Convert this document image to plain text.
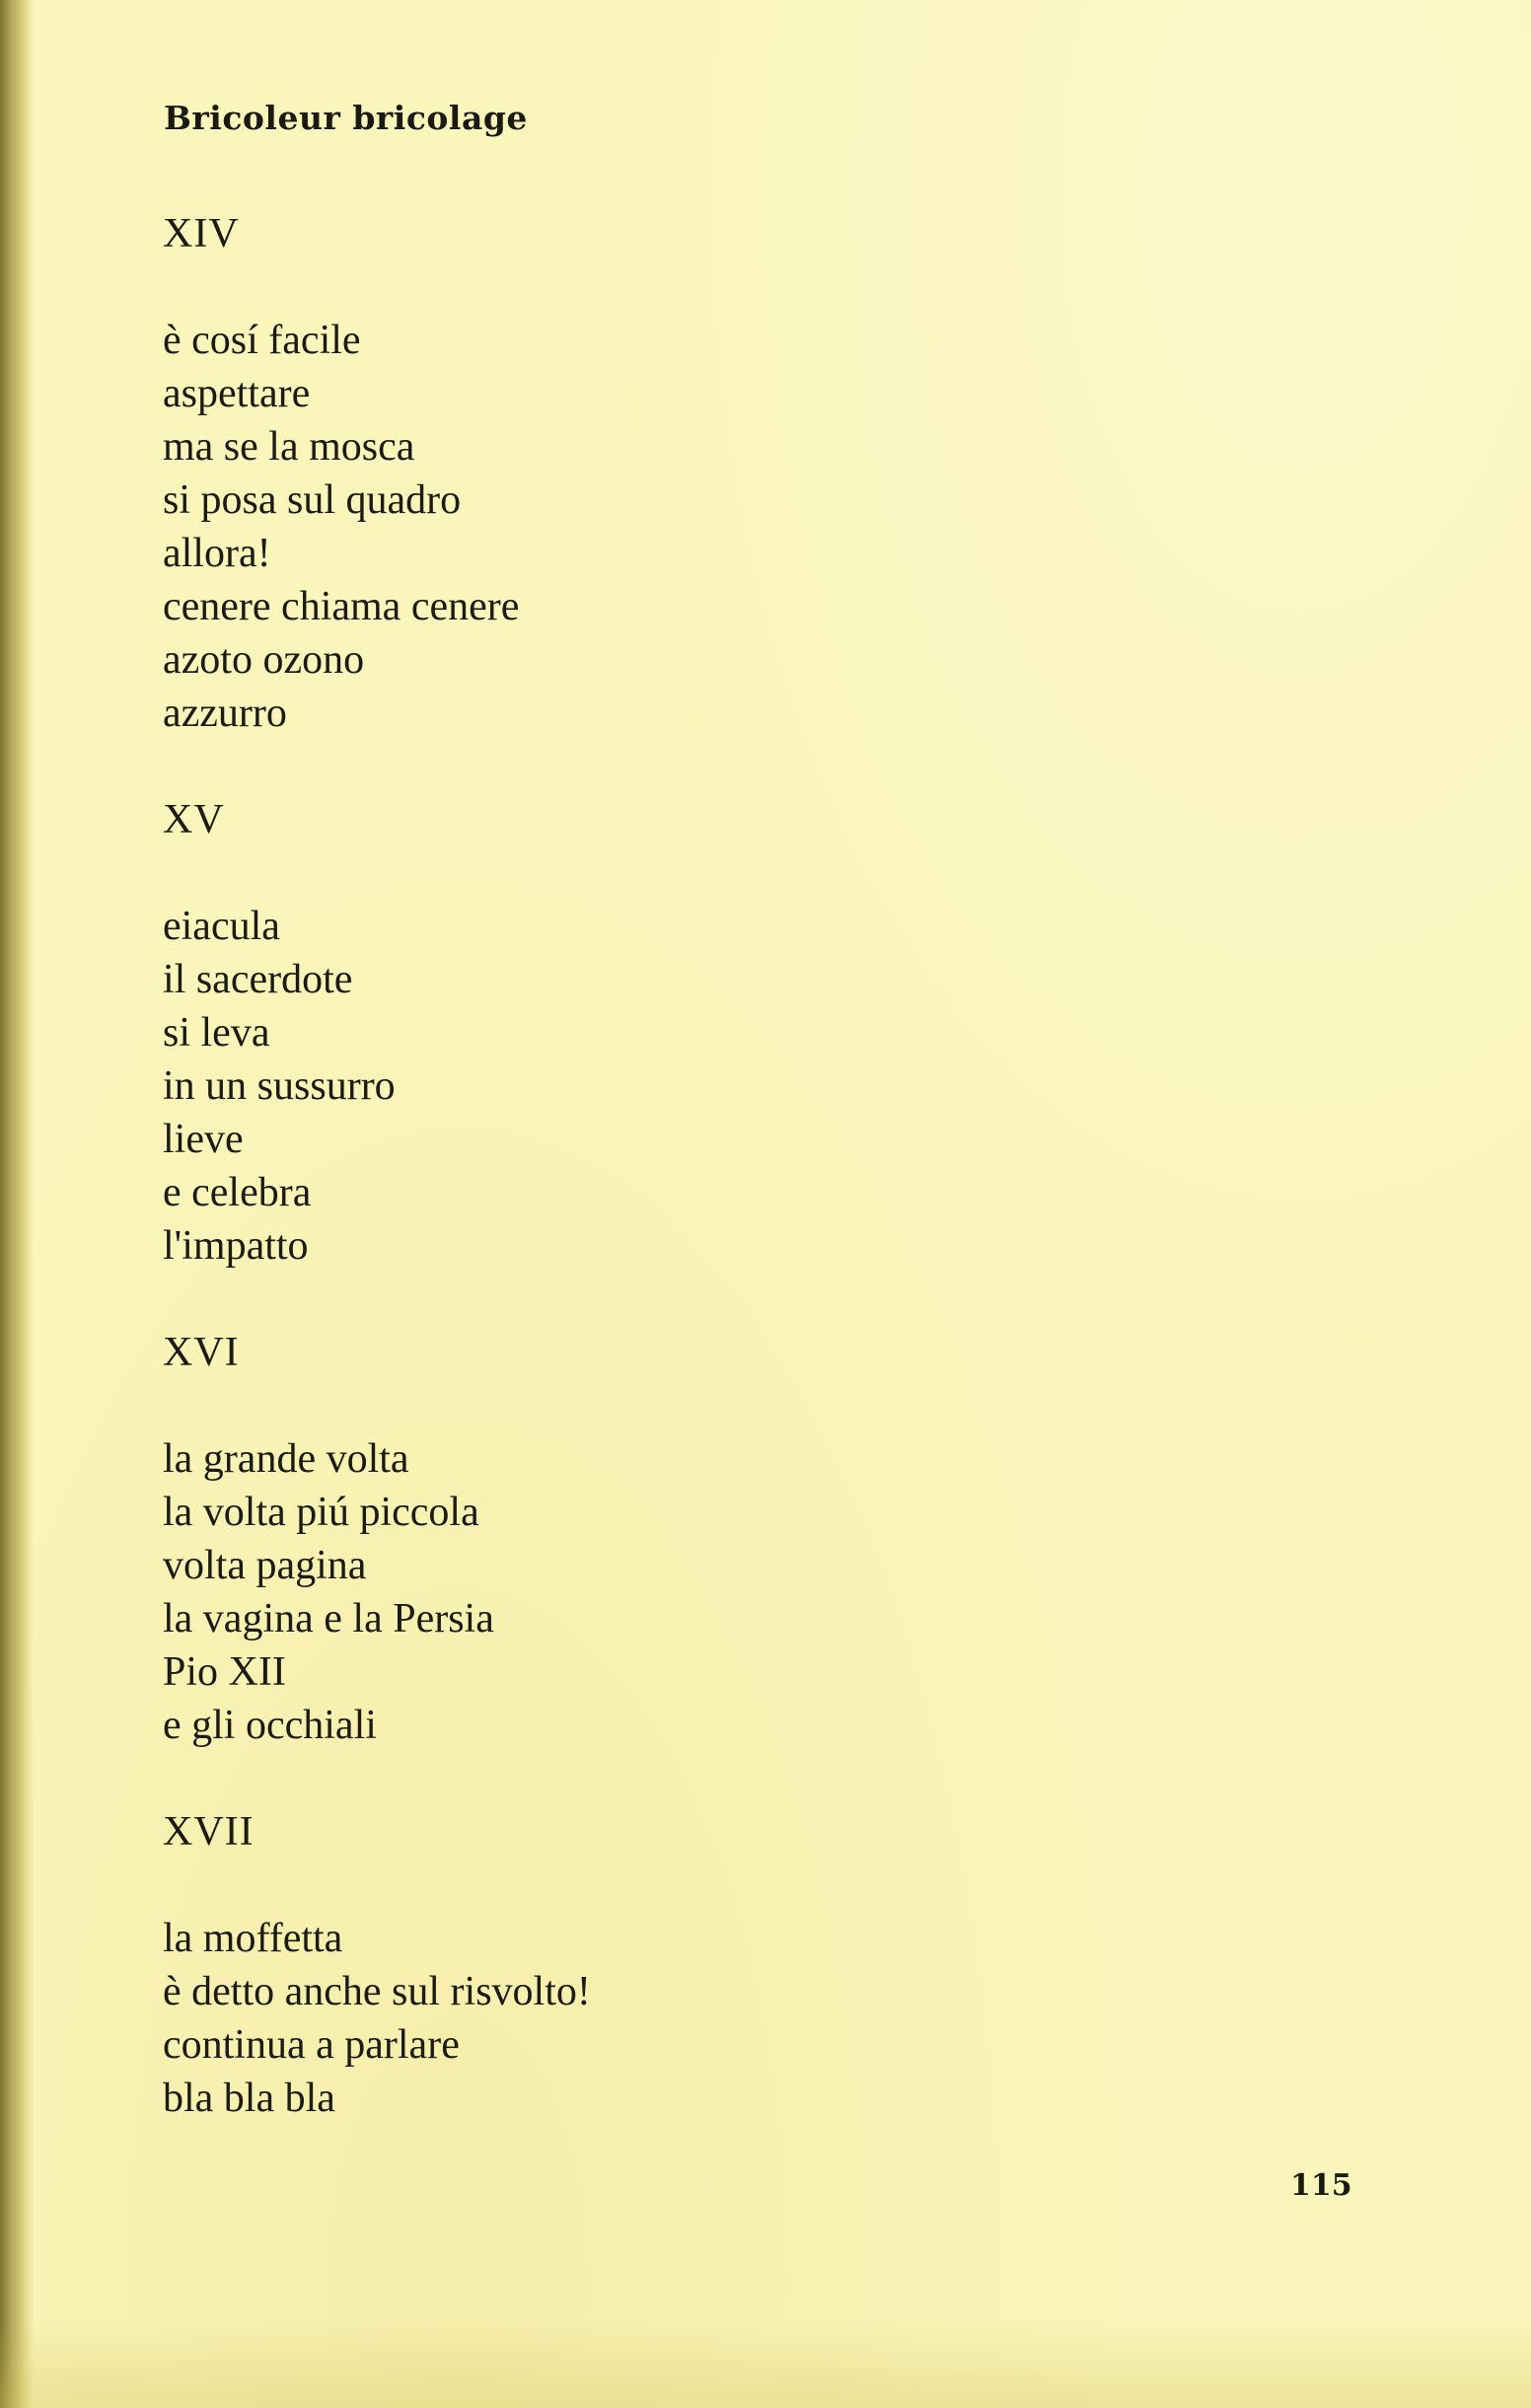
Bricoleur bricolage
XIV
è cosí facile
aspettare
ma se la mosca
si posa sul quadro
allora!
cenere chiama cenere
azoto ozono
azzurro
XV
eiacula
il sacerdote
si leva
in un sussurro
lieve
e celebra
l'impatto
XVI
la grande volta
la volta piú piccola
volta pagina
la vagina e la Persia
Pio XII
e gli occhiali
XVII
la moffetta
è detto anche sul risvolto!
continua a parlare
bla bla bla
115
